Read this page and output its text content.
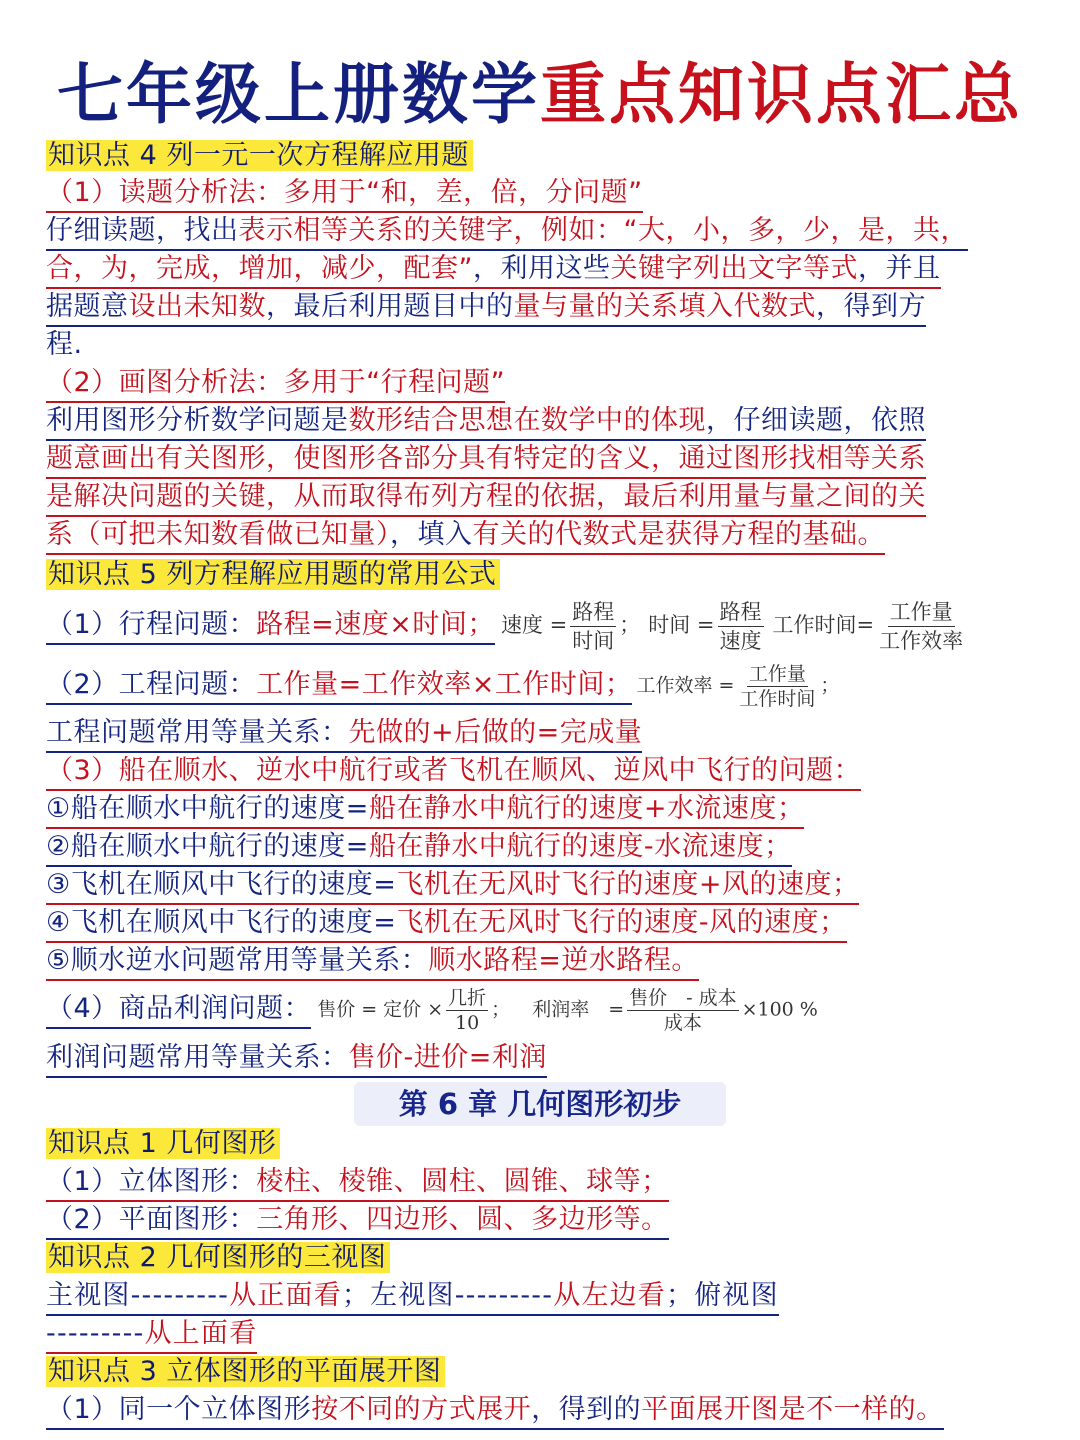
七年级上册数学重点知识点汇总
知识点 4 列一元一次方程解应用题
（1）读题分析法：多用于“和，差，倍，分问题”
仔细读题，找出表示相等关系的关键字，例如：“大，小，多，少，是，共，
合，为，完成，增加，减少，配套”，利用这些关键字列出文字等式，并且
据题意设出未知数，最后利用题目中的量与量的关系填入代数式，得到方
程.
（2）画图分析法：多用于“行程问题”
利用图形分析数学问题是数形结合思想在数学中的体现，仔细读题，依照
题意画出有关图形，使图形各部分具有特定的含义，通过图形找相等关系
是解决问题的关键，从而取得布列方程的依据，最后利用量与量之间的关
系（可把未知数看做已知量），填入有关的代数式是获得方程的基础。
知识点 5 列方程解应用题的常用公式
（1）行程问题：路程=速度×时间； 速度 = $\frac{\text{路程}}{\text{时间}}$ ； 时间 = $\frac{\text{路程}}{\text{速度}}$ 工作时间= $\frac{\text{工作量}}{\text{工作效率}}$
（2）工程问题：工作量=工作效率×工作时间； 工作效率 = $\frac{\text{工作量}}{\text{工作时间}}$ ；
工程问题常用等量关系：先做的+后做的=完成量
（3）船在顺水、逆水中航行或者飞机在顺风、逆风中飞行的问题：
①船在顺水中航行的速度=船在静水中航行的速度+水流速度；
②船在顺水中航行的速度=船在静水中航行的速度-水流速度；
③飞机在顺风中飞行的速度=飞机在无风时飞行的速度+风的速度；
④飞机在顺风中飞行的速度=飞机在无风时飞行的速度-风的速度；
⑤顺水逆水问题常用等量关系：顺水路程=逆水路程。
（4）商品利润问题： 售价 = 定价 × $\frac{\text{几折}}{10}$ ； 利润率　= $\frac{\text{售价　- 成本}}{\text{成本}} \times 100$ %
利润问题常用等量关系：售价-进价=利润
第 6 章 几何图形初步
知识点 1 几何图形
（1）立体图形：棱柱、棱锥、圆柱、圆锥、球等；
（2）平面图形：三角形、四边形、圆、多边形等。
知识点 2 几何图形的三视图
主视图---------从正面看；左视图---------从左边看；俯视图
---------从上面看
知识点 3 立体图形的平面展开图
（1）同一个立体图形按不同的方式展开，得到的平面展开图是不一样的。
